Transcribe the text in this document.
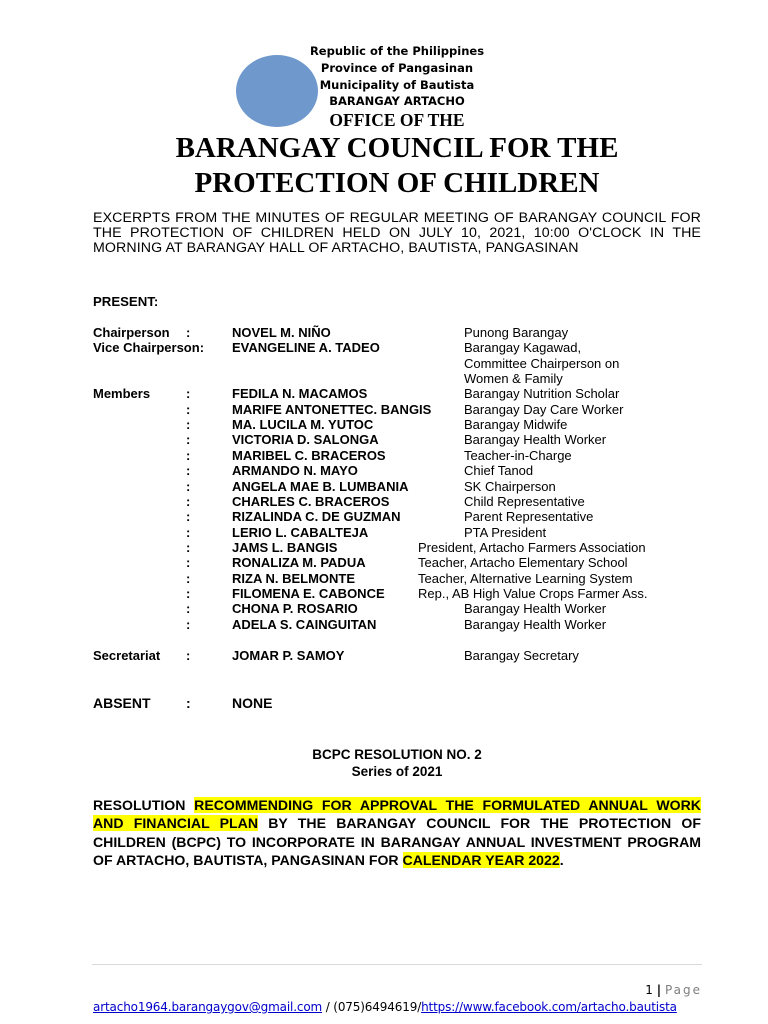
Republic of the Philippines
Province of Pangasinan
Municipality of Bautista
BARANGAY ARTACHO
OFFICE OF THE
BARANGAY COUNCIL FOR THE
PROTECTION OF CHILDREN
EXCERPTS FROM THE MINUTES OF REGULAR MEETING OF BARANGAY COUNCIL FOR THE PROTECTION OF CHILDREN HELD ON JULY 10, 2021, 10:00 O'CLOCK IN THE MORNING AT BARANGAY HALL OF ARTACHO, BAUTISTA, PANGASINAN
PRESENT:
Chairperson :	NOVEL M. NIÑO	Punong Barangay
Vice Chairperson: EVANGELINE A. TADEO	Barangay Kagawad,
Committee Chairperson on
Women & Family
Members	:	FEDILA N. MACAMOS	Barangay Nutrition Scholar
:	MARIFE ANTONETTEC. BANGIS	Barangay Day Care Worker
:	MA. LUCILA M. YUTOC	Barangay Midwife
:	VICTORIA D. SALONGA	Barangay Health Worker
:	MARIBEL C. BRACEROS	Teacher-in-Charge
:	ARMANDO N. MAYO	Chief Tanod
:	ANGELA MAE B. LUMBANIA	SK Chairperson
:	CHARLES C. BRACEROS	Child Representative
:	RIZALINDA C. DE GUZMAN	Parent Representative
:	LERIO L. CABALTEJA	PTA President
:	JAMS L. BANGIS	President, Artacho Farmers Association
:	RONALIZA M. PADUA	Teacher, Artacho Elementary School
:	RIZA N. BELMONTE	Teacher, Alternative Learning System
:	FILOMENA E. CABONCE	Rep., AB High Value Crops Farmer Ass.
:	CHONA P. ROSARIO	Barangay Health Worker
:	ADELA S. CAINGUITAN	Barangay Health Worker
Secretariat :	JOMAR P. SAMOY	Barangay Secretary
ABSENT	:	NONE
BCPC RESOLUTION NO. 2
Series of 2021
RESOLUTION RECOMMENDING FOR APPROVAL THE FORMULATED ANNUAL WORK AND FINANCIAL PLAN BY THE BARANGAY COUNCIL FOR THE PROTECTION OF CHILDREN (BCPC) TO INCORPORATE IN BARANGAY ANNUAL INVESTMENT PROGRAM OF ARTACHO, BAUTISTA, PANGASINAN FOR CALENDAR YEAR 2022.
1 | Page
artacho1964.barangaygov@gmail.com / (075)6494619/https://www.facebook.com/artacho.bautista
